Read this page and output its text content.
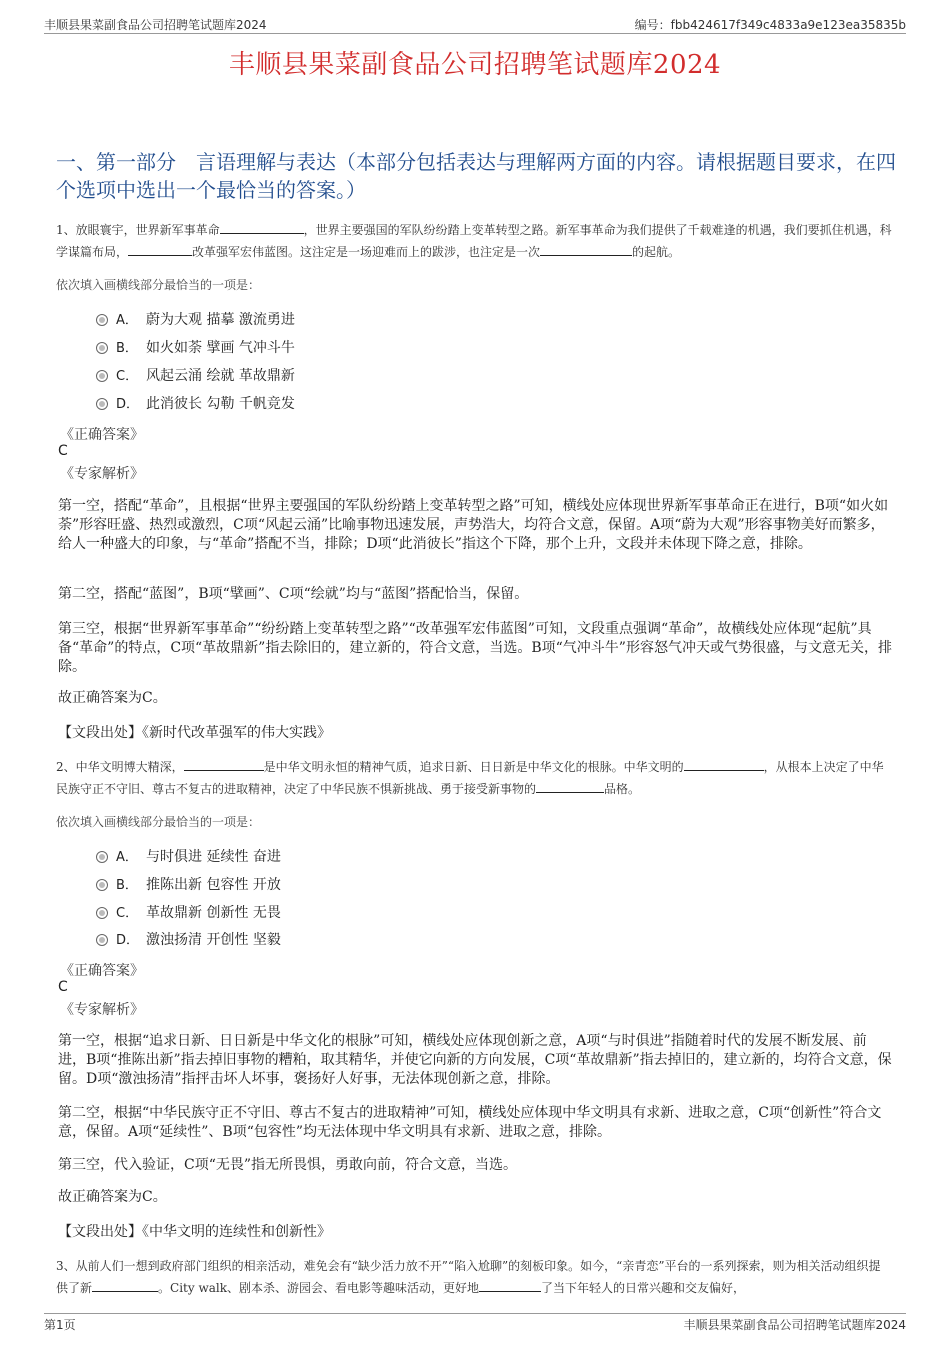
丰顺县果菜副食品公司招聘笔试题库2024	编号：fbb424617f349c4833a9e123ea35835b
丰顺县果菜副食品公司招聘笔试题库2024
一、第一部分　言语理解与表达（本部分包括表达与理解两方面的内容。请根据题目要求，在四个选项中选出一个最恰当的答案。）
1、放眼寰宇，世界新军事革命	，世界主要强国的军队纷纷踏上变革转型之路。新军事革命为我们提供了千载难逢的机遇，我们要抓住机遇，科学谋篇布局，	改革强军宏伟蓝图。这注定是一场迎难而上的跋涉，也注定是一次	的起航。
依次填入画横线部分最恰当的一项是：
A． 蔚为大观 描摹 激流勇进
B． 如火如荼 擘画 气冲斗牛
C． 风起云涌 绘就 革故鼎新
D． 此消彼长 勾勒 千帆竞发
《正确答案》
C
《专家解析》
第一空，搭配“革命”，且根据“世界主要强国的军队纷纷踏上变革转型之路”可知，横线处应体现世界新军事革命正在进行，B项“如火如荼”形容旺盛、热烈或激烈，C项“风起云涌”比喻事物迅速发展，声势浩大，均符合文意，保留。A项“蔚为大观”形容事物美好而繁多，给人一种盛大的印象，与“革命”搭配不当，排除；D项“此消彼长”指这个下降，那个上升，文段并未体现下降之意，排除。
第二空，搭配“蓝图”，B项“擘画”、C项“绘就”均与“蓝图”搭配恰当，保留。
第三空，根据“世界新军事革命”“纷纷踏上变革转型之路”“改革强军宏伟蓝图”可知，文段重点强调“革命”，故横线处应体现“起航”具备“革命”的特点，C项“革故鼎新”指去除旧的，建立新的，符合文意，当选。B项“气冲斗牛”形容怒气冲天或气势很盛，与文意无关，排除。
故正确答案为C。
【文段出处】《新时代改革强军的伟大实践》
2、中华文明博大精深，	是中华文明永恒的精神气质，追求日新、日日新是中华文化的根脉。中华文明的	，从根本上决定了中华民族守正不守旧、尊古不复古的进取精神，决定了中华民族不惧新挑战、勇于接受新事物的	品格。
依次填入画横线部分最恰当的一项是：
A． 与时俱进 延续性 奋进
B． 推陈出新 包容性 开放
C． 革故鼎新 创新性 无畏
D． 激浊扬清 开创性 坚毅
《正确答案》
C
《专家解析》
第一空，根据“追求日新、日日新是中华文化的根脉”可知，横线处应体现创新之意，A项“与时俱进”指随着时代的发展不断发展、前进，B项“推陈出新”指去掉旧事物的糟粕，取其精华，并使它向新的方向发展，C项“革故鼎新”指去掉旧的，建立新的，均符合文意，保留。D项“激浊扬清”指抨击坏人坏事，褒扬好人好事，无法体现创新之意，排除。
第二空，根据“中华民族守正不守旧、尊古不复古的进取精神”可知，横线处应体现中华文明具有求新、进取之意，C项“创新性”符合文意，保留。A项“延续性”、B项“包容性”均无法体现中华文明具有求新、进取之意，排除。
第三空，代入验证，C项“无畏”指无所畏惧，勇敢向前，符合文意，当选。
故正确答案为C。
【文段出处】《中华文明的连续性和创新性》
3、从前人们一想到政府部门组织的相亲活动，难免会有“缺少活力放不开”“陷入尬聊”的刻板印象。如今，“亲青恋”平台的一系列探索，则为相关活动组织提供了新	。City walk、剧本杀、游园会、看电影等趣味活动，更好地	了当下年轻人的日常兴趣和交友偏好，
第1页	丰顺县果菜副食品公司招聘笔试题库2024
